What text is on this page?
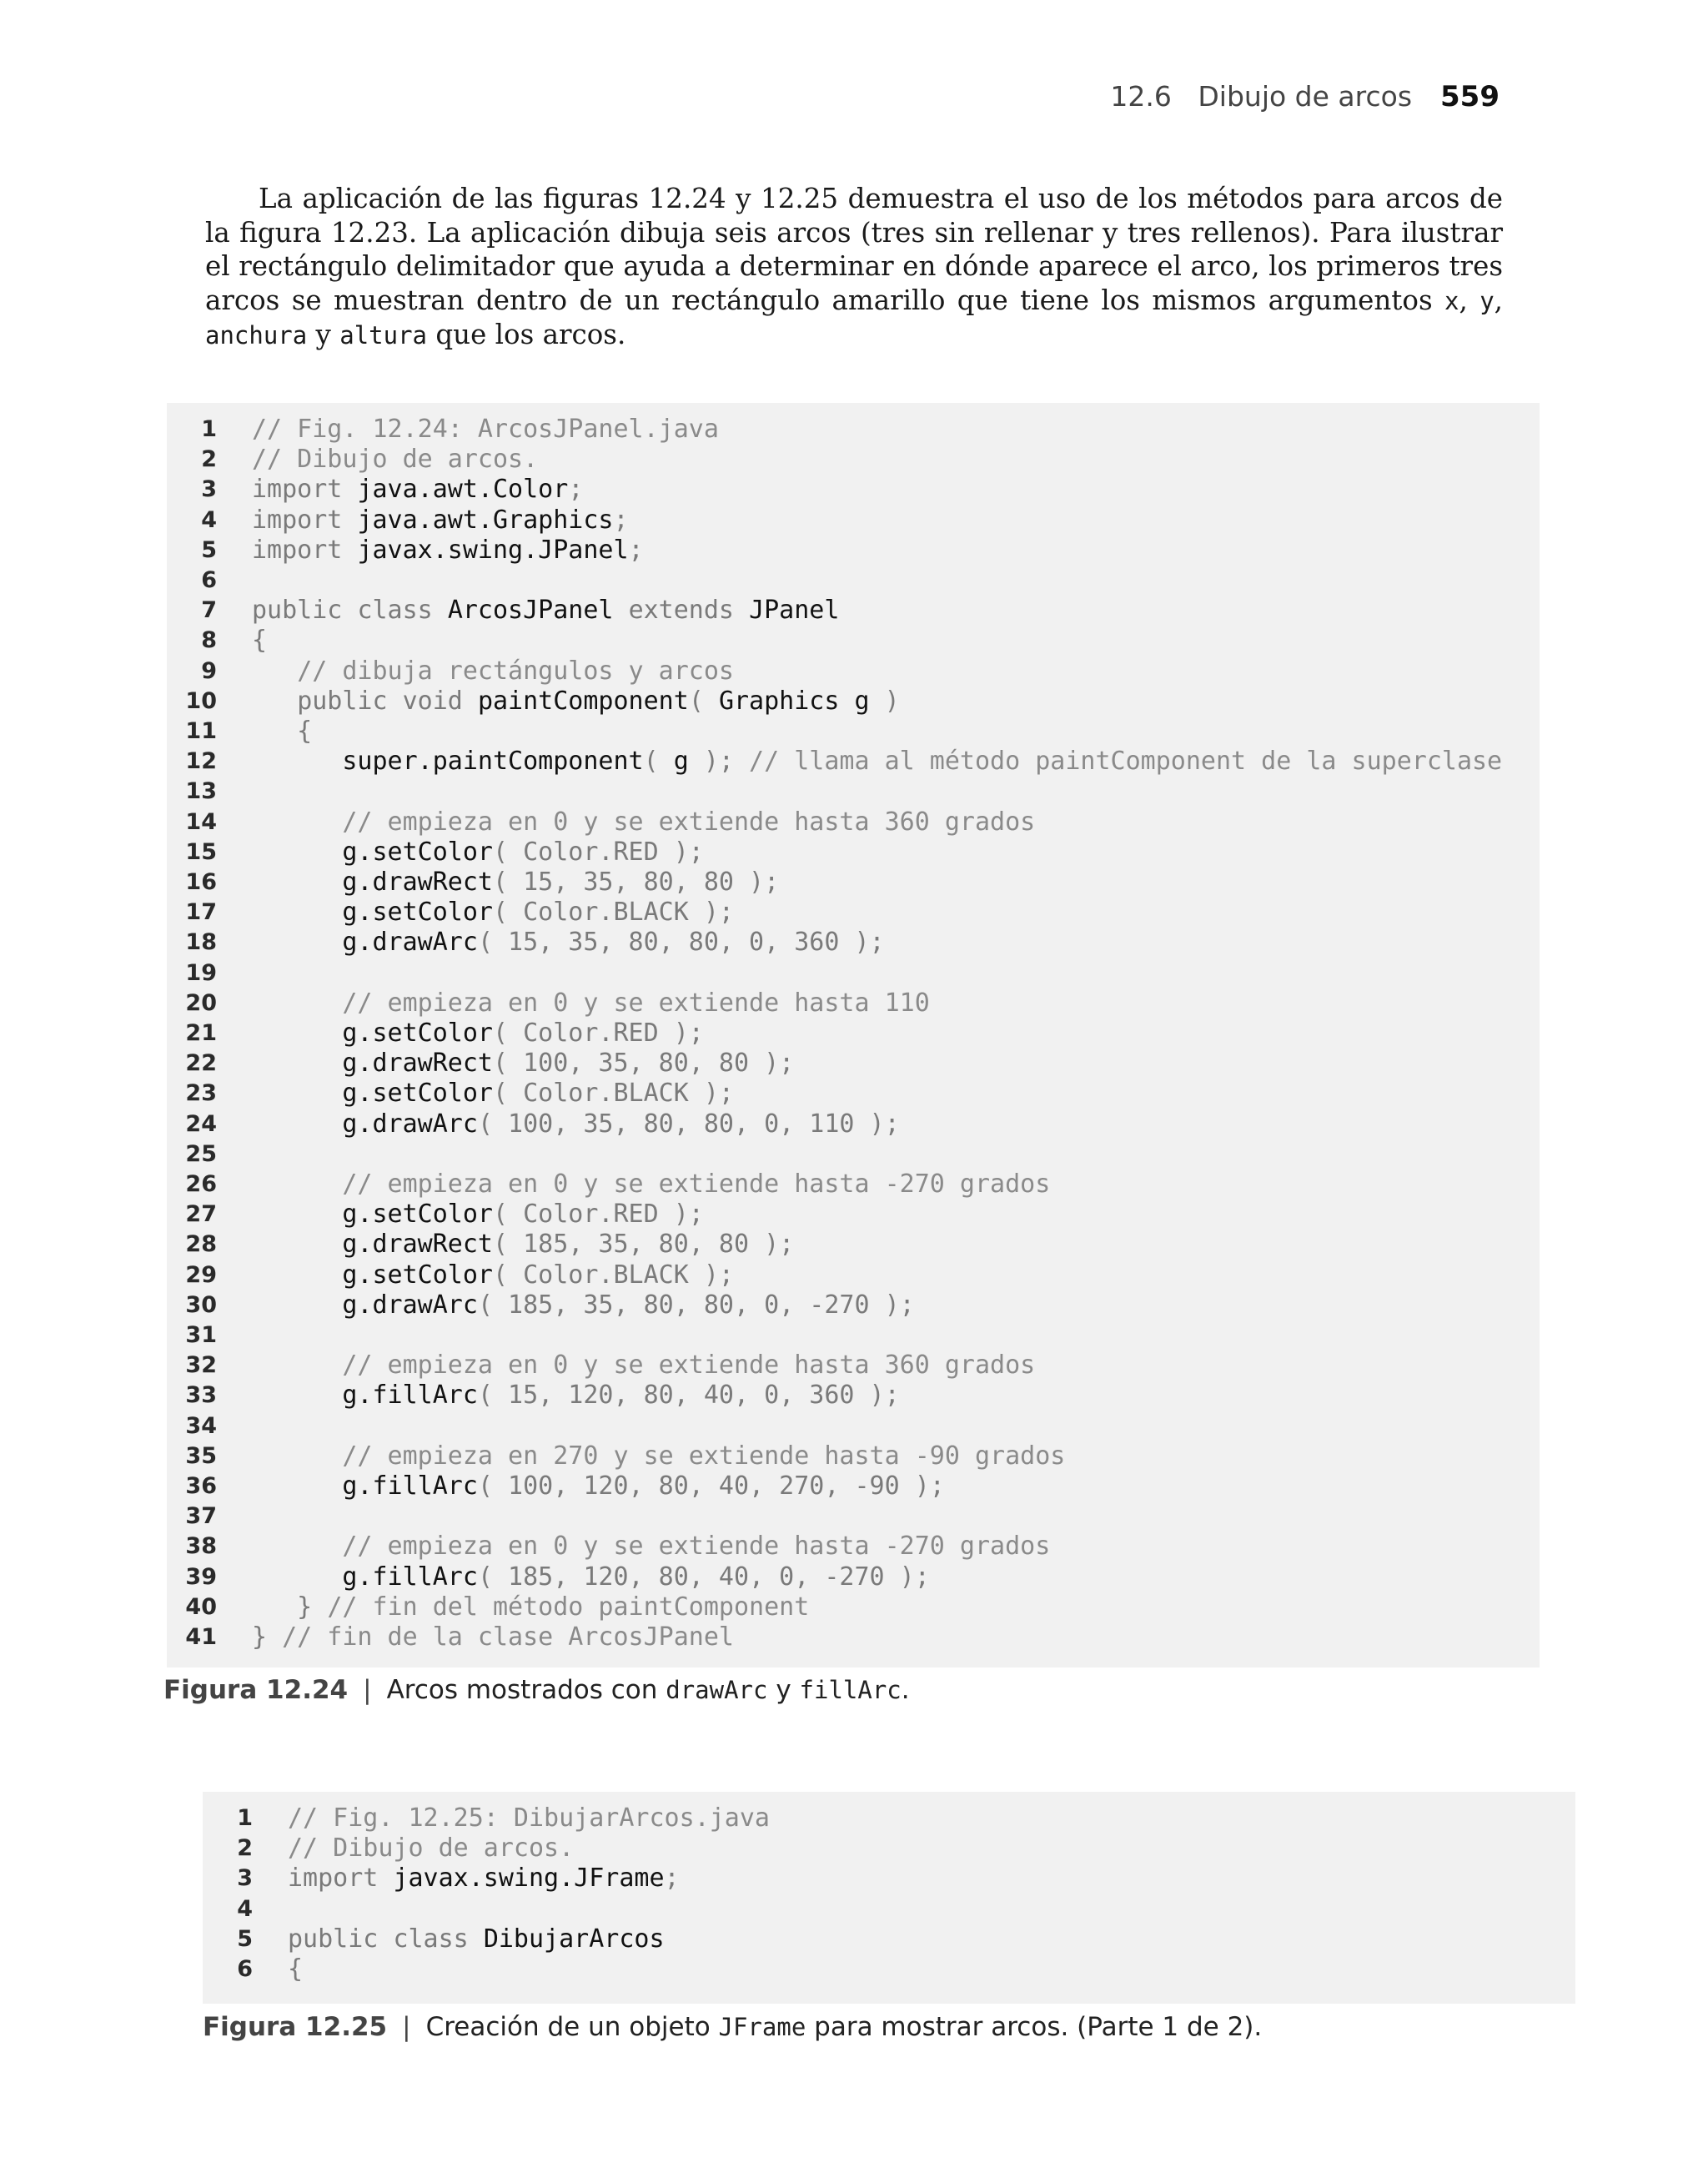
12.6 Dibujo de arcos 559

La aplicación de las figuras 12.24 y 12.25 demuestra el uso de los métodos para arcos de la figura 12.23. La aplicación dibuja seis arcos (tres sin rellenar y tres rellenos). Para ilustrar el rectángulo delimitador que ayuda a determinar en dónde aparece el arco, los primeros tres arcos se muestran dentro de un rectángulo amarillo que tiene los mismos argumentos x, y, anchura y altura que los arcos.

1 // Fig. 12.24: ArcosJPanel.java
2 // Dibujo de arcos.
3 import java.awt.Color;
4 import java.awt.Graphics;
5 import javax.swing.JPanel;
6
7 public class ArcosJPanel extends JPanel
8 {
9	// dibuja rectángulos y arcos
10	public void paintComponent( Graphics g )
11 {
12	super.paintComponent( g ); // llama al método paintComponent de la superclase
13
14	// empieza en 0 y se extiende hasta 360 grados
15	g.setColor( Color.RED );
16	g.drawRect( 15, 35, 80, 80 );
17	g.setColor( Color.BLACK );
18	g.drawArc( 15, 35, 80, 80, 0, 360 );
19
20	// empieza en 0 y se extiende hasta 110
21	g.setColor( Color.RED );
22	g.drawRect( 100, 35, 80, 80 );
23	g.setColor( Color.BLACK );
24	g.drawArc( 100, 35, 80, 80, 0, 110 );
25
26	// empieza en 0 y se extiende hasta -270 grados
27	g.setColor( Color.RED );
28	g.drawRect( 185, 35, 80, 80 );
29	g.setColor( Color.BLACK );
30	g.drawArc( 185, 35, 80, 80, 0, -270 );
31
32	// empieza en 0 y se extiende hasta 360 grados
33	g.fillArc( 15, 120, 80, 40, 0, 360 );
34
35	// empieza en 270 y se extiende hasta -90 grados
36	g.fillArc( 100, 120, 80, 40, 270, -90 );
37
38	// empieza en 0 y se extiende hasta -270 grados
39	g.fillArc( 185, 120, 80, 40, 0, -270 );
40 } // fin del método paintComponent
41 } // fin de la clase ArcosJPanel
Figura 12.24 | Arcos mostrados con drawArc y fillArc.
1 // Fig. 12.25: DibujarArcos.java
2 // Dibujo de arcos.
3 import javax.swing.JFrame;
4
5 public class DibujarArcos
6 {
Figura 12.25 | Creación de un objeto JFrame para mostrar arcos. (Parte 1 de 2).
